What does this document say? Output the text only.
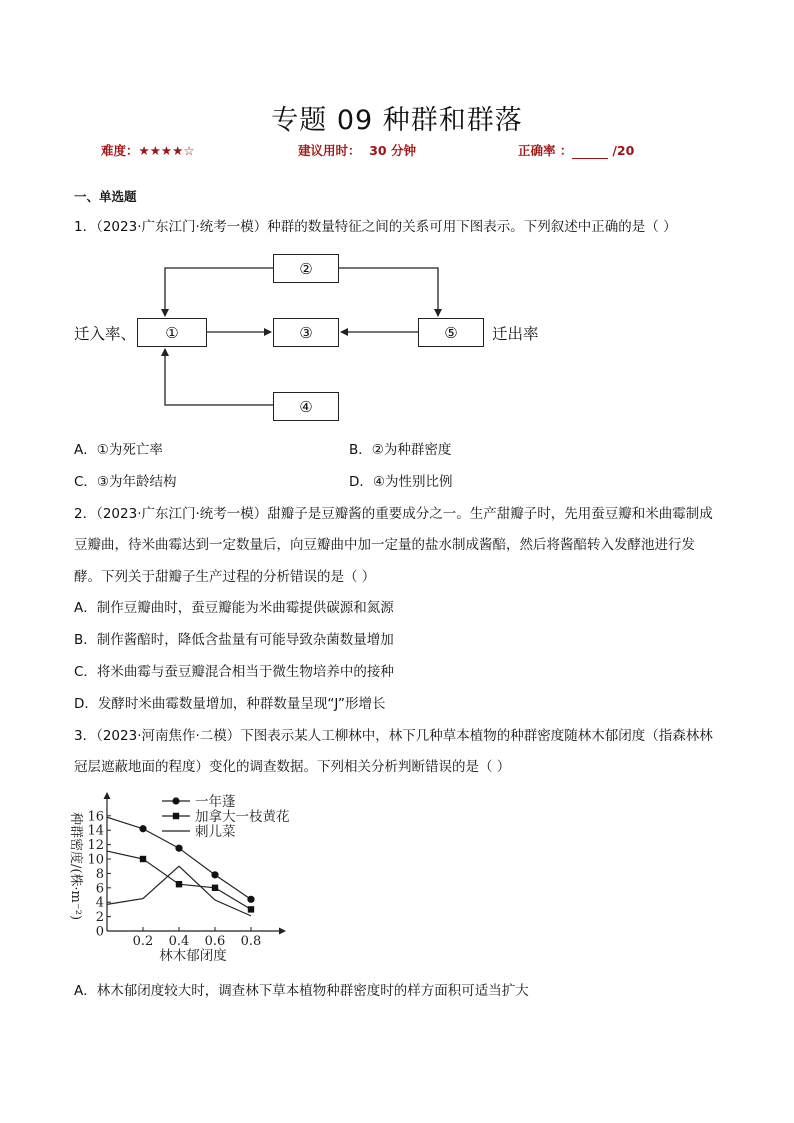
专题 09 种群和群落
难度：★★★★☆	建议用时： 30 分钟	正确率 ：	/20
一、单选题
1．（2023·广东江门·统考一模）种群的数量特征之间的关系可用下图表示。下列叙述中正确的是（ ）
②
①	③	⑤
④
迁入率、	迁出率
A．①为死亡率	B．②为种群密度
C．③为年龄结构	D．④为性别比例
2．（2023·广东江门·统考一模）甜瓣子是豆瓣酱的重要成分之一。生产甜瓣子时，先用蚕豆瓣和米曲霉制成
豆瓣曲，待米曲霉达到一定数量后，向豆瓣曲中加一定量的盐水制成酱醅，然后将酱醅转入发酵池进行发
酵。下列关于甜瓣子生产过程的分析错误的是（ ）
A．制作豆瓣曲时，蚕豆瓣能为米曲霉提供碳源和氮源
B．制作酱醅时，降低含盐量有可能导致杂菌数量增加
C．将米曲霉与蚕豆瓣混合相当于微生物培养中的接种
D．发酵时米曲霉数量增加，种群数量呈现“J”形增长
3．（2023·河南焦作·二模）下图表示某人工柳林中，林下几种草本植物的种群密度随林木郁闭度（指森林林
冠层遮蔽地面的程度）变化的调查数据。下列相关分析判断错误的是（ ）
0
2
4
6
8
10
12
14
16
0.2 0.4 0.6 0.8
林木郁闭度
种群密度/(株·m⁻²)
一年蓬
加拿大一枝黄花
刺儿菜
A．林木郁闭度较大时，调查林下草本植物种群密度时的样方面积可适当扩大
